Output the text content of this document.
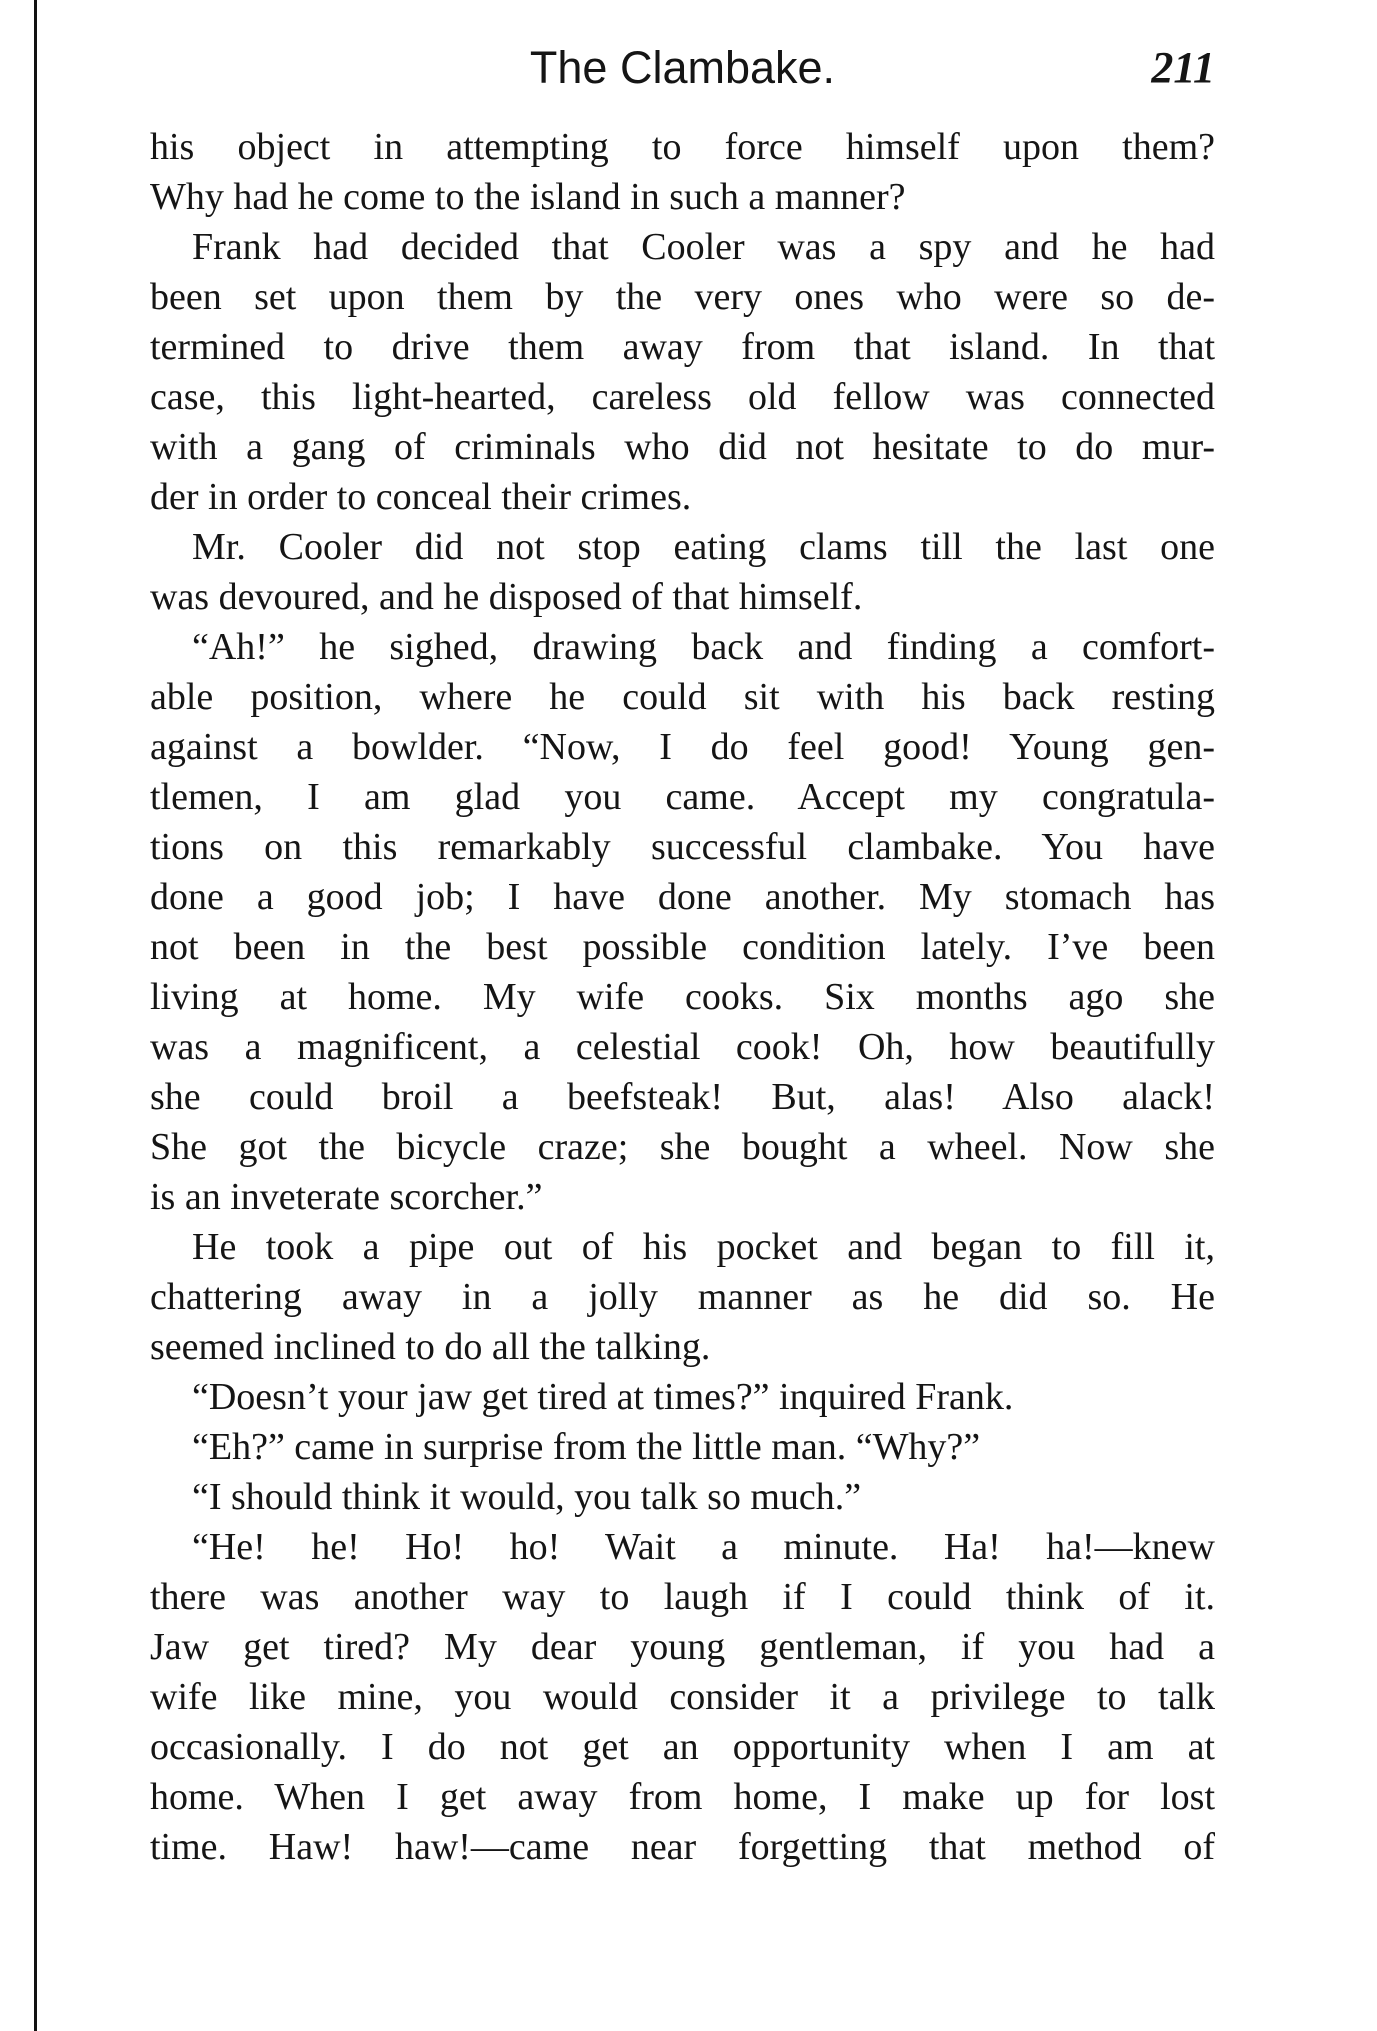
The Clambake.	211
his object in attempting to force himself upon them?
Why had he come to the island in such a manner?
Frank had decided that Cooler was a spy and he had
been set upon them by the very ones who were so de-
termined to drive them away from that island. In that
case, this light-hearted, careless old fellow was connected
with a gang of criminals who did not hesitate to do mur-
der in order to conceal their crimes.
Mr. Cooler did not stop eating clams till the last one
was devoured, and he disposed of that himself.
“Ah!” he sighed, drawing back and finding a comfort-
able position, where he could sit with his back resting
against a bowlder. “Now, I do feel good! Young gen-
tlemen, I am glad you came. Accept my congratula-
tions on this remarkably successful clambake. You have
done a good job; I have done another. My stomach has
not been in the best possible condition lately. I’ve been
living at home. My wife cooks. Six months ago she
was a magnificent, a celestial cook! Oh, how beautifully
she could broil a beefsteak! But, alas! Also alack!
She got the bicycle craze; she bought a wheel. Now she
is an inveterate scorcher.”
He took a pipe out of his pocket and began to fill it,
chattering away in a jolly manner as he did so. He
seemed inclined to do all the talking.
“Doesn’t your jaw get tired at times?” inquired Frank.
“Eh?” came in surprise from the little man. “Why?”
“I should think it would, you talk so much.”
“He! he! Ho! ho! Wait a minute. Ha! ha!—knew
there was another way to laugh if I could think of it.
Jaw get tired? My dear young gentleman, if you had a
wife like mine, you would consider it a privilege to talk
occasionally. I do not get an opportunity when I am at
home. When I get away from home, I make up for lost
time. Haw! haw!—came near forgetting that method of
